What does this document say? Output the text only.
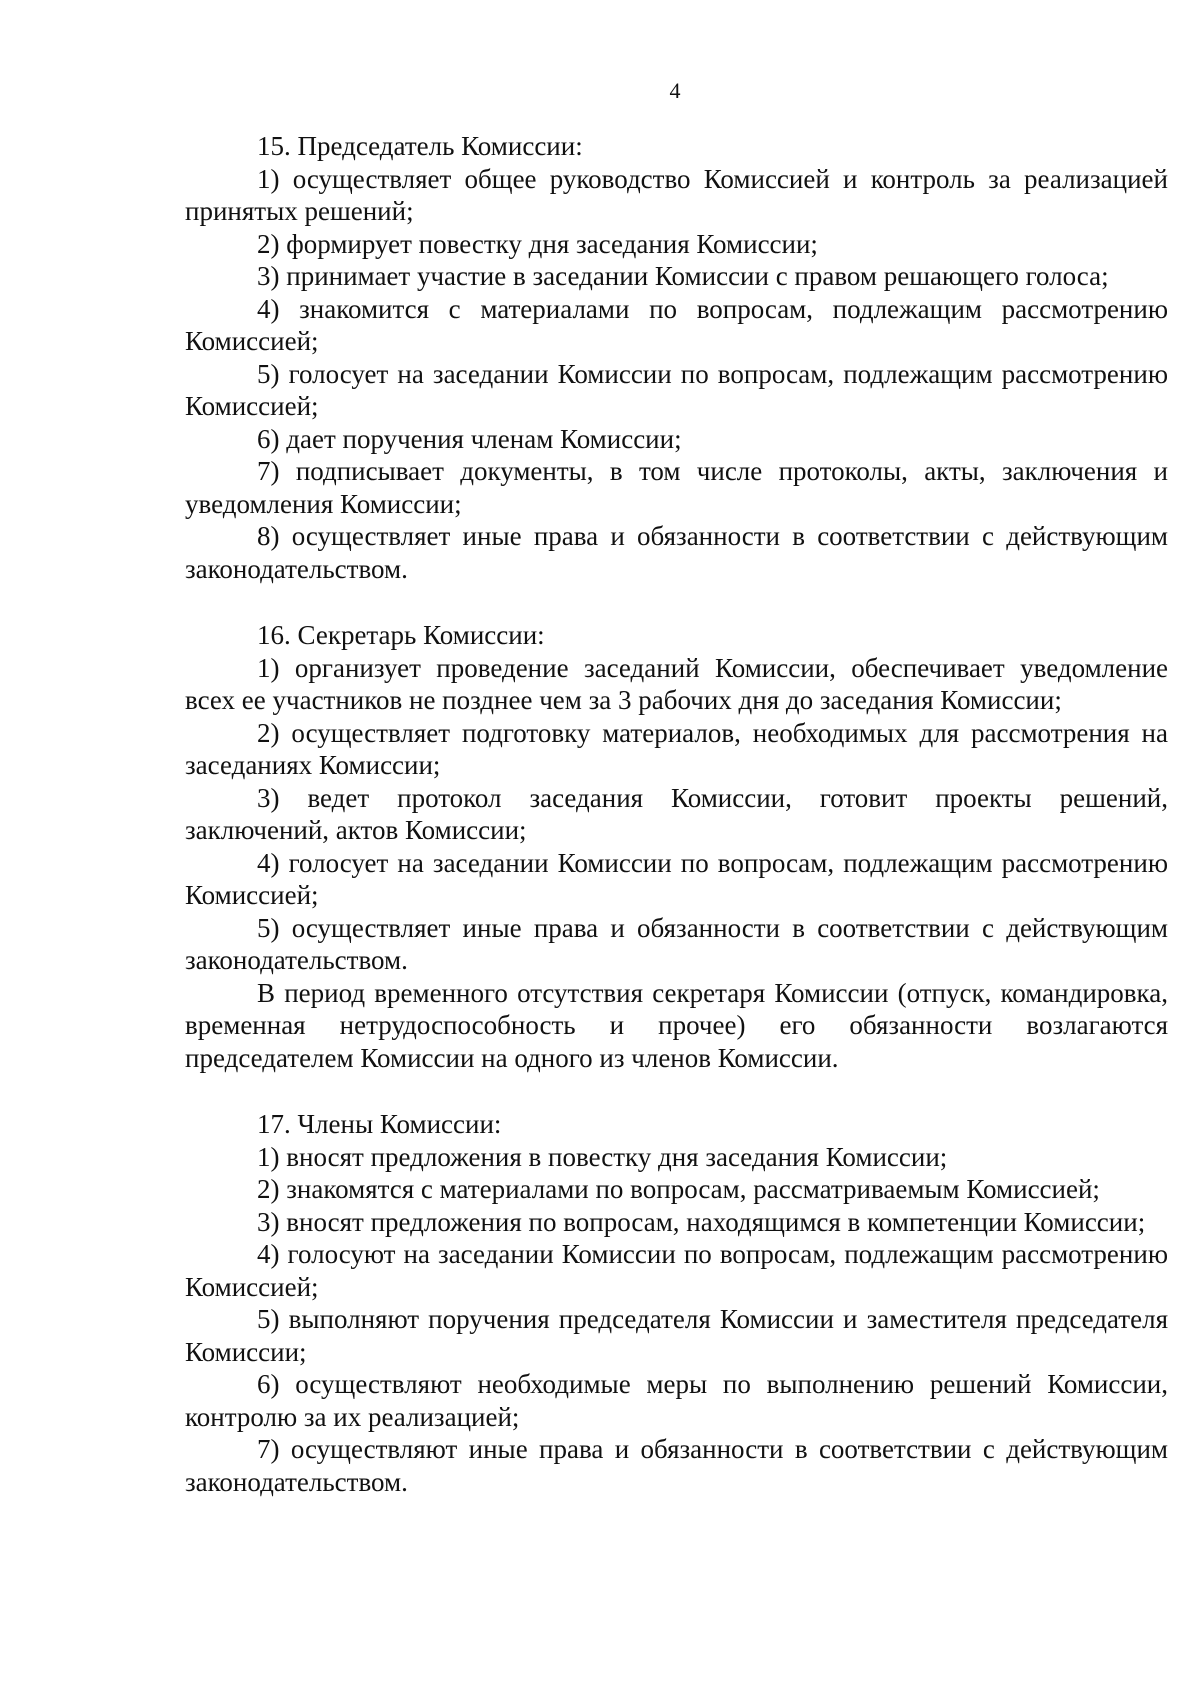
4

15. Председатель Комиссии:

1) осуществляет общее руководство Комиссией и контроль за реализацией принятых решений;

2) формирует повестку дня заседания Комиссии;

3) принимает участие в заседании Комиссии с правом решающего голоса;

4) знакомится с материалами по вопросам, подлежащим рассмотрению Комиссией;

5) голосует на заседании Комиссии по вопросам, подлежащим рассмотрению Комиссией;

6) дает поручения членам Комиссии;

7) подписывает документы, в том числе протоколы, акты, заключения и уведомления Комиссии;

8) осуществляет иные права и обязанности в соответствии с действующим законодательством.

16. Секретарь Комиссии:

1) организует проведение заседаний Комиссии, обеспечивает уведомление всех ее участников не позднее чем за 3 рабочих дня до заседания Комиссии;

2) осуществляет подготовку материалов, необходимых для рассмотрения на заседаниях Комиссии;

3) ведет протокол заседания Комиссии, готовит проекты решений, заключений, актов Комиссии;

4) голосует на заседании Комиссии по вопросам, подлежащим рассмотрению Комиссией;

5) осуществляет иные права и обязанности в соответствии с действующим законодательством.

В период временного отсутствия секретаря Комиссии (отпуск, командировка, временная нетрудоспособность и прочее) его обязанности возлагаются председателем Комиссии на одного из членов Комиссии.

17. Члены Комиссии:

1) вносят предложения в повестку дня заседания Комиссии;

2) знакомятся с материалами по вопросам, рассматриваемым Комиссией;

3) вносят предложения по вопросам, находящимся в компетенции Комиссии;

4) голосуют на заседании Комиссии по вопросам, подлежащим рассмотрению Комиссией;

5) выполняют поручения председателя Комиссии и заместителя председателя Комиссии;

6) осуществляют необходимые меры по выполнению решений Комиссии, контролю за их реализацией;

7) осуществляют иные права и обязанности в соответствии с действующим законодательством.
